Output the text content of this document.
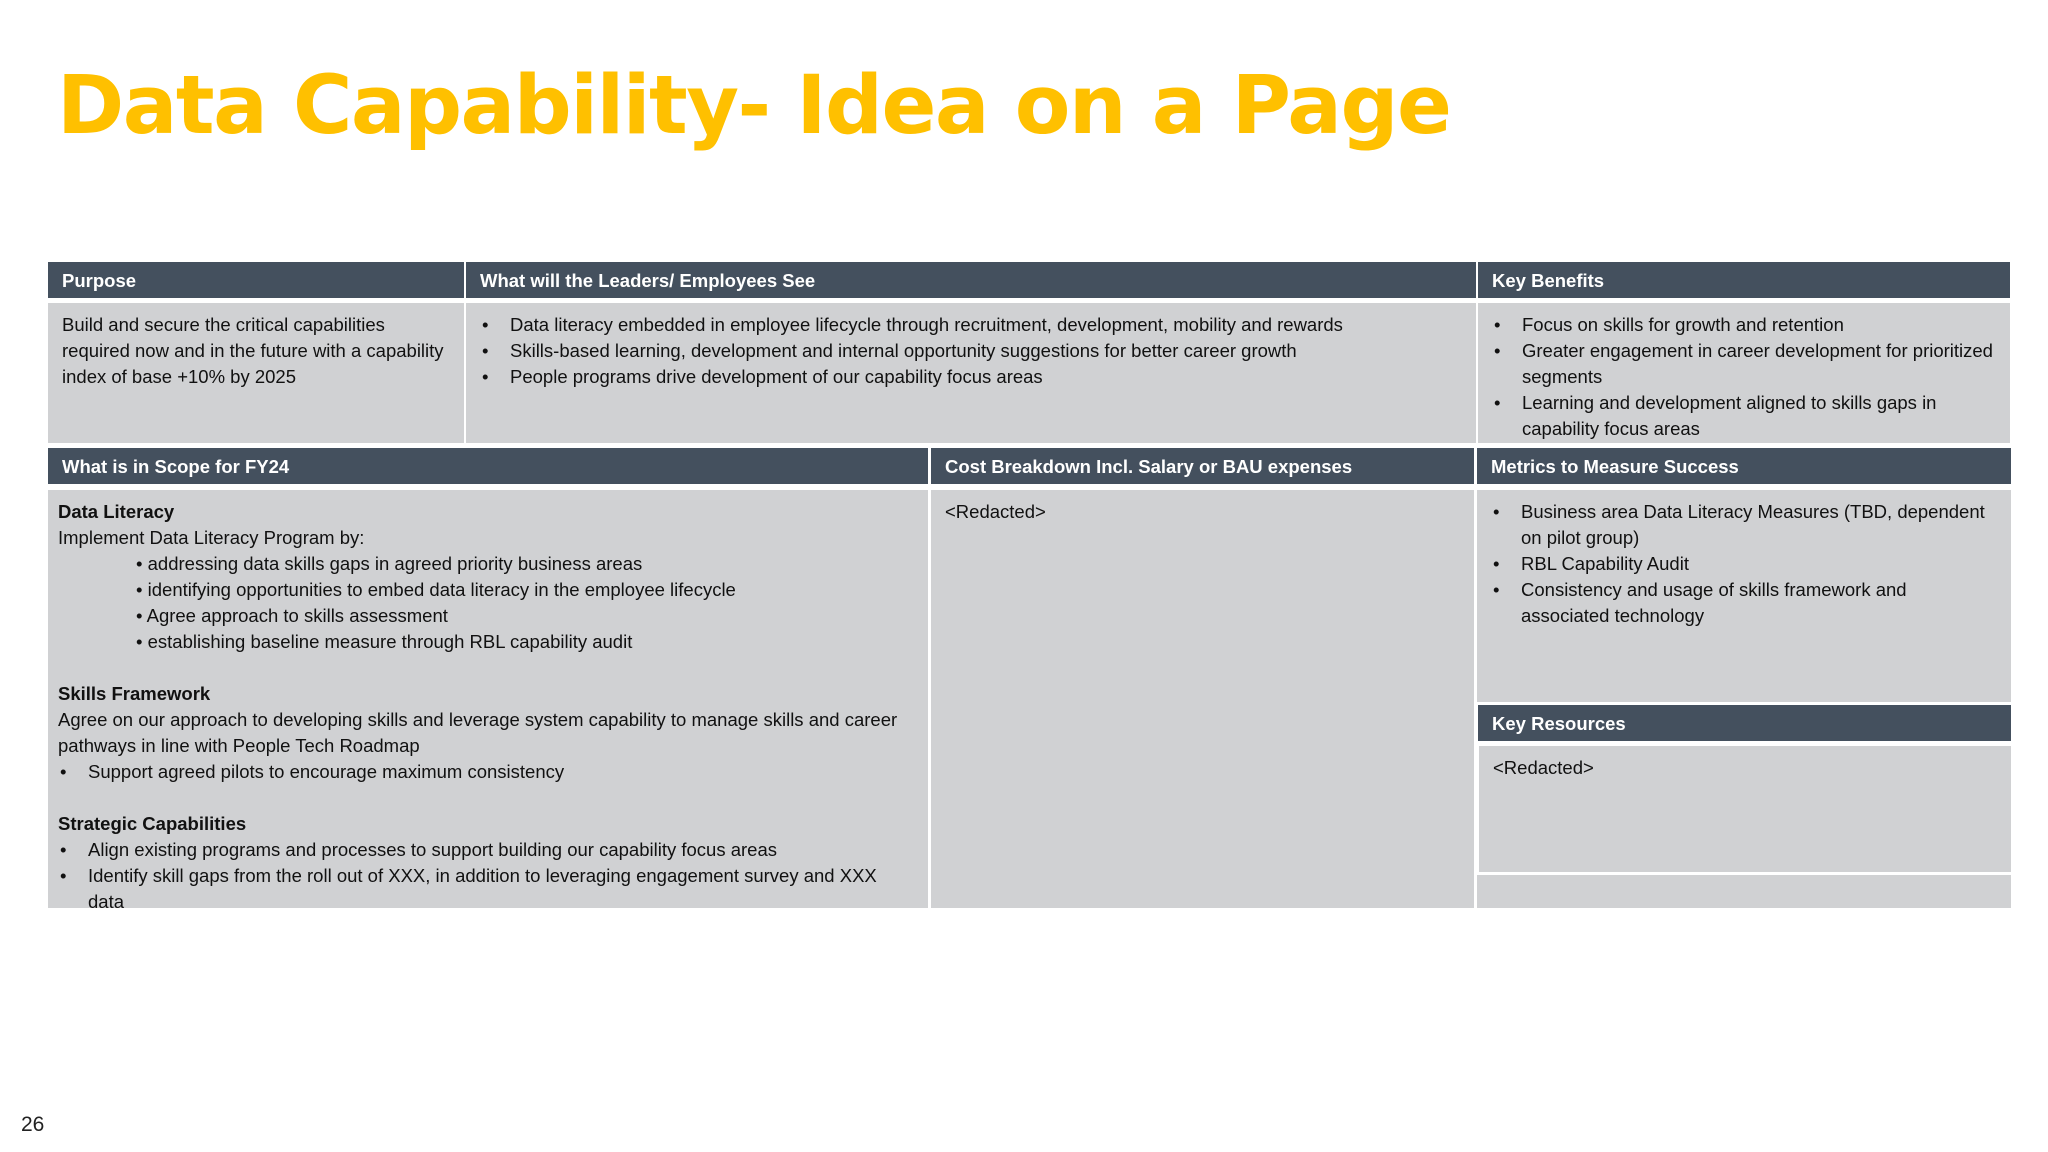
Data Capability- Idea on a Page
Purpose	What will the Leaders/ Employees See	Key Benefits
Build and secure the critical capabilities required now and in the future with a capability index of base +10% by 2025
• Data literacy embedded in employee lifecycle through recruitment, development, mobility and rewards
• Skills-based learning, development and internal opportunity suggestions for better career growth
• People programs drive development of our capability focus areas
• Focus on skills for growth and retention
• Greater engagement in career development for prioritized segments
• Learning and development aligned to skills gaps in capability focus areas
What is in Scope for FY24	Cost Breakdown Incl. Salary or BAU expenses	Metrics to Measure Success
Data Literacy
Implement Data Literacy Program by:
• addressing data skills gaps in agreed priority business areas
• identifying opportunities to embed data literacy in the employee lifecycle
• Agree approach to skills assessment
• establishing baseline measure through RBL capability audit
Skills Framework
Agree on our approach to developing skills and leverage system capability to manage skills and career pathways in line with People Tech Roadmap
• Support agreed pilots to encourage maximum consistency
Strategic Capabilities
• Align existing programs and processes to support building our capability focus areas
• Identify skill gaps from the roll out of XXX, in addition to leveraging engagement survey and XXX data
<Redacted>
•	Business area Data Literacy Measures (TBD, dependent on pilot group)
• RBL Capability Audit
• Consistency and usage of skills framework and associated technology
Key Resources
<Redacted>
26
